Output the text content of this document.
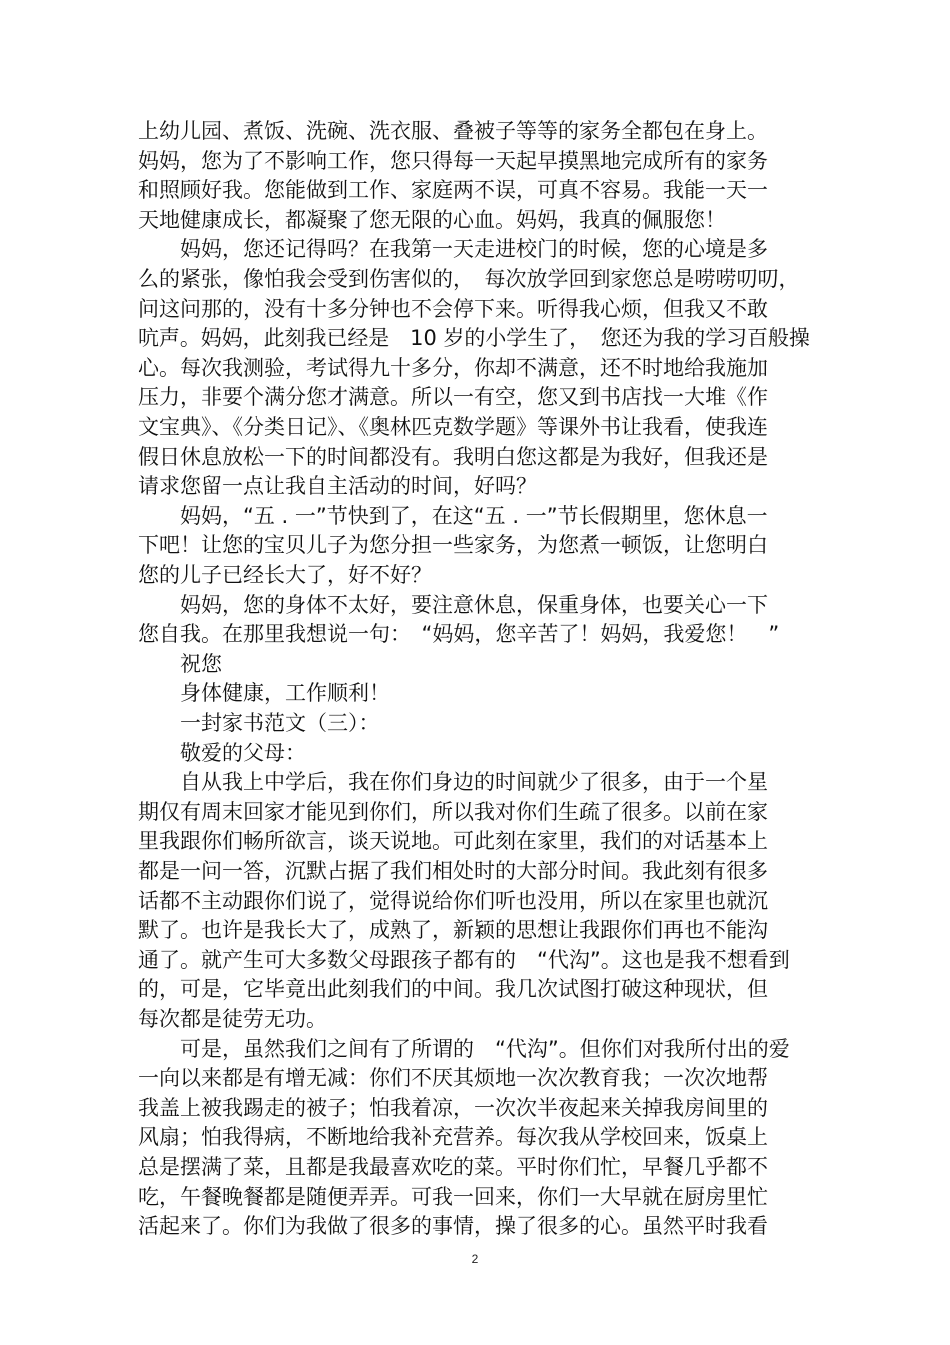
上幼儿园、煮饭、洗碗、洗衣服、叠被子等等的家务全都包在身上。
妈妈，您为了不影响工作，您只得每一天起早摸黑地完成所有的家务
和照顾好我。您能做到工作、家庭两不误，可真不容易。我能一天一
天地健康成长，都凝聚了您无限的心血。妈妈，我真的佩服您！
　　妈妈，您还记得吗？在我第一天走进校门的时候，您的心境是多
么的紧张，像怕我会受到伤害似的，　每次放学回到家您总是唠唠叨叨，
问这问那的，没有十多分钟也不会停下来。听得我心烦，但我又不敢
吭声。妈妈，此刻我已经是　10 岁的小学生了，　您还为我的学习百般操
心。每次我测验，考试得九十多分，你却不满意，还不时地给我施加
压力，非要个满分您才满意。所以一有空，您又到书店找一大堆《作
文宝典》、《分类日记》、《奥林匹克数学题》等课外书让我看，使我连
假日休息放松一下的时间都没有。我明白您这都是为我好，但我还是
请求您留一点让我自主活动的时间，好吗？
　　妈妈，“五 . 一”节快到了，在这“五 . 一”节长假期里，您休息一
下吧！让您的宝贝儿子为您分担一些家务，为您煮一顿饭，让您明白
您的儿子已经长大了，好不好？
　　妈妈，您的身体不太好，要注意休息，保重身体，也要关心一下
您自我。在那里我想说一句：　“妈妈，您辛苦了！妈妈，我爱您！　”
　　祝您
　　身体健康，工作顺利！
　　一封家书范文（三）：
　　敬爱的父母：
　　自从我上中学后，我在你们身边的时间就少了很多，由于一个星
期仅有周末回家才能见到你们，所以我对你们生疏了很多。以前在家
里我跟你们畅所欲言，谈天说地。可此刻在家里，我们的对话基本上
都是一问一答，沉默占据了我们相处时的大部分时间。我此刻有很多
话都不主动跟你们说了，觉得说给你们听也没用，所以在家里也就沉
默了。也许是我长大了，成熟了，新颖的思想让我跟你们再也不能沟
通了。就产生可大多数父母跟孩子都有的　“代沟”。这也是我不想看到
的，可是，它毕竟出此刻我们的中间。我几次试图打破这种现状，但
每次都是徒劳无功。
　　可是，虽然我们之间有了所谓的　“代沟”。但你们对我所付出的爱
一向以来都是有增无减：你们不厌其烦地一次次教育我；一次次地帮
我盖上被我踢走的被子；怕我着凉，一次次半夜起来关掉我房间里的
风扇；怕我得病，不断地给我补充营养。每次我从学校回来，饭桌上
总是摆满了菜，且都是我最喜欢吃的菜。平时你们忙，早餐几乎都不
吃，午餐晚餐都是随便弄弄。可我一回来，你们一大早就在厨房里忙
活起来了。你们为我做了很多的事情，操了很多的心。虽然平时我看
2
